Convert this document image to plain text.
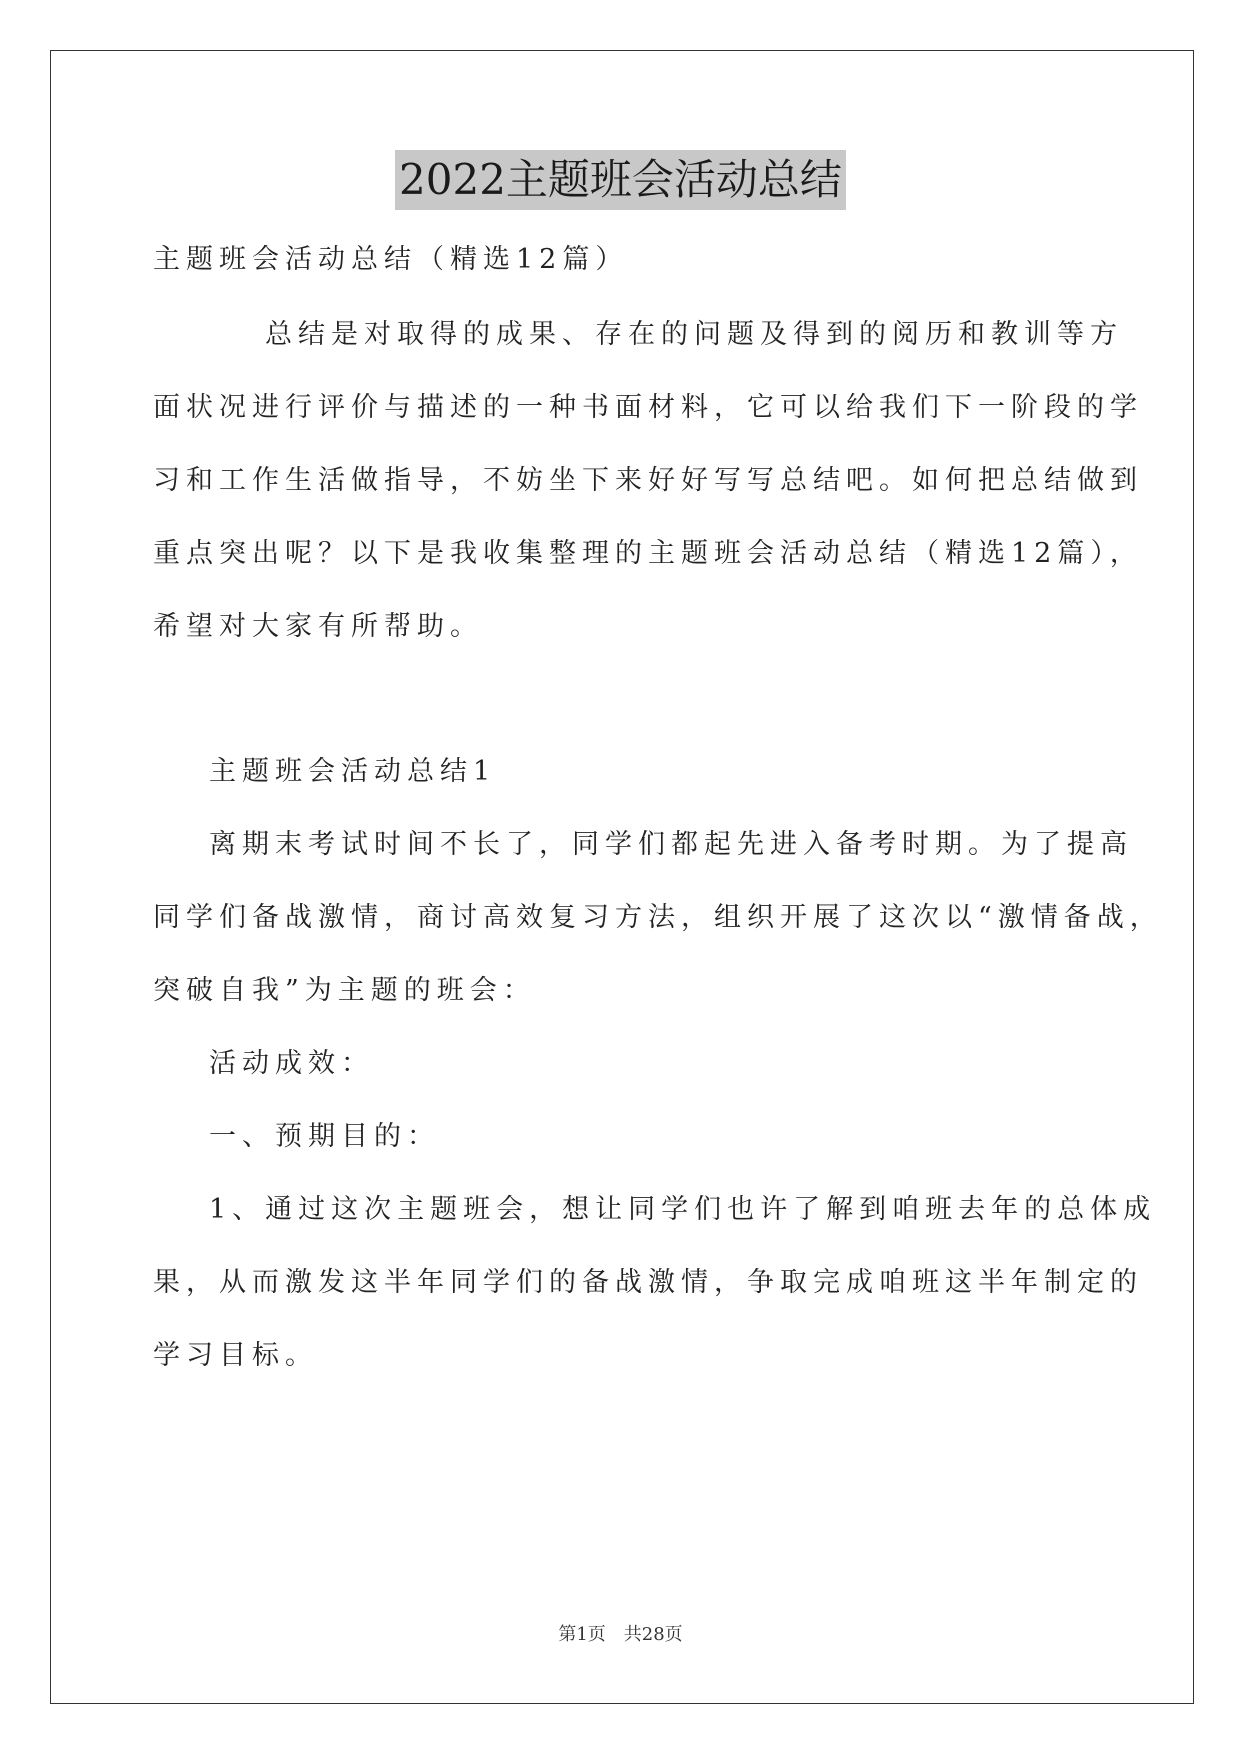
2022主题班会活动总结
主题班会活动总结（精选12篇）
总结是对取得的成果、存在的问题及得到的阅历和教训等方
面状况进行评价与描述的一种书面材料，它可以给我们下一阶段的学
习和工作生活做指导，不妨坐下来好好写写总结吧。如何把总结做到
重点突出呢？以下是我收集整理的主题班会活动总结（精选12篇），
希望对大家有所帮助。
主题班会活动总结1
离期末考试时间不长了，同学们都起先进入备考时期。为了提高
同学们备战激情，商讨高效复习方法，组织开展了这次以“激情备战，
突破自我”为主题的班会：
活动成效：
一、预期目的：
1、通过这次主题班会，想让同学们也许了解到咱班去年的总体成
果，从而激发这半年同学们的备战激情，争取完成咱班这半年制定的
学习目标。
第1页 共28页
